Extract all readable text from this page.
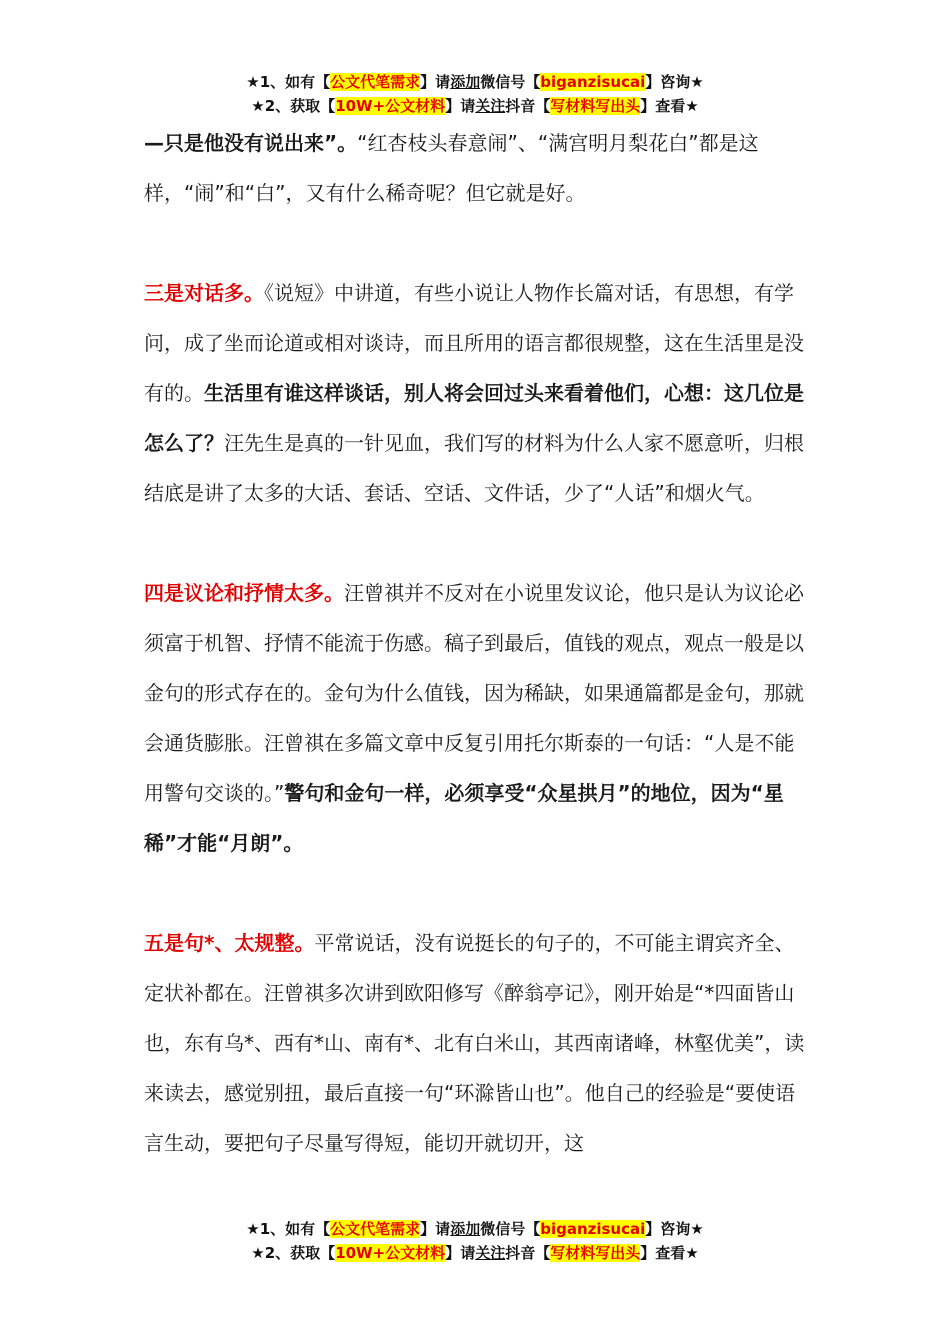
★1、如有【公文代笔需求】请添加微信号【biganzisucai】咨询★
★2、获取【10W+公文材料】请关注抖音【写材料写出头】查看★

—只是他没有说出来”。“红杏枝头春意闹”、“满宫明月梨花白”都是这样，“闹”和“白”，又有什么稀奇呢？但它就是好。

三是对话多。《说短》中讲道，有些小说让人物作长篇对话，有思想，有学问，成了坐而论道或相对谈诗，而且所用的语言都很规整，这在生活里是没有的。生活里有谁这样谈话，别人将会回过头来看着他们，心想：这几位是怎么了？汪先生是真的一针见血，我们写的材料为什么人家不愿意听，归根结底是讲了太多的大话、套话、空话、文件话，少了“人话”和烟火气。

四是议论和抒情太多。汪曾祺并不反对在小说里发议论，他只是认为议论必须富于机智、抒情不能流于伤感。稿子到最后，值钱的观点，观点一般是以金句的形式存在的。金句为什么值钱，因为稀缺，如果通篇都是金句，那就会通货膨胀。汪曾祺在多篇文章中反复引用托尔斯泰的一句话：“人是不能用警句交谈的。”警句和金句一样，必须享受“众星拱月”的地位，因为“星稀”才能“月朗”。

五是句*、太规整。平常说话，没有说挺长的句子的，不可能主谓宾齐全、定状补都在。汪曾祺多次讲到欧阳修写《醉翁亭记》，刚开始是“*四面皆山也，东有乌*、西有*山、南有*、北有白米山，其西南诸峰，林壑优美”，读来读去，感觉别扭，最后直接一句“环滁皆山也”。他自己的经验是“要使语言生动，要把句子尽量写得短，能切开就切开，这

★1、如有【公文代笔需求】请添加微信号【biganzisucai】咨询★
★2、获取【10W+公文材料】请关注抖音【写材料写出头】查看★
